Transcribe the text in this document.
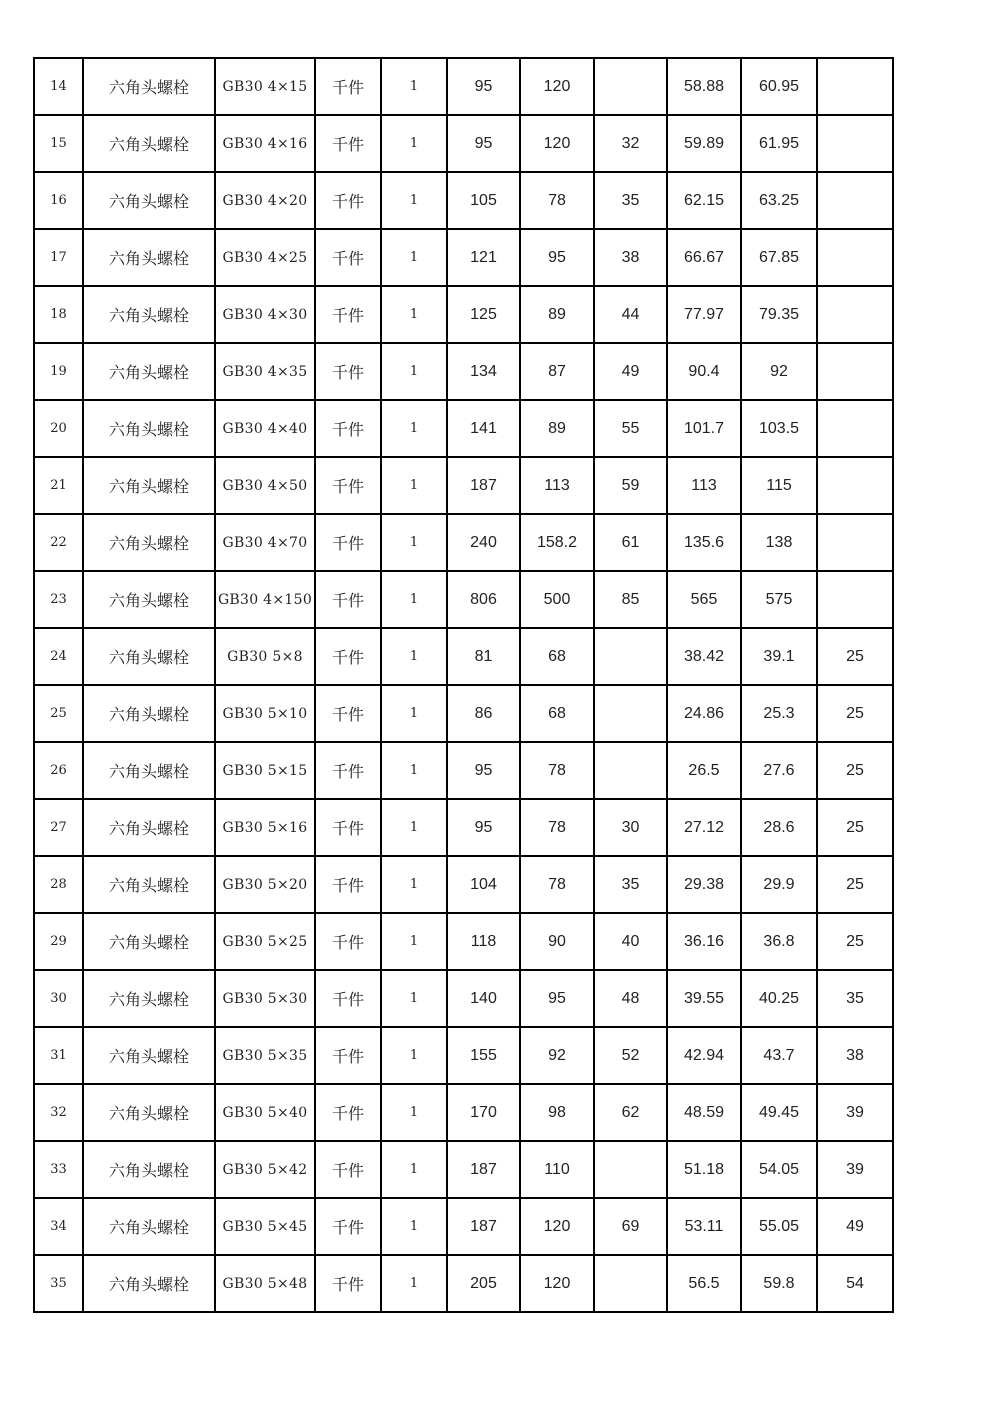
14	六角头螺栓	GB30 4×15	千件	1	95	120		58.88	60.95	
15	六角头螺栓	GB30 4×16	千件	1	95	120	32	59.89	61.95	
16	六角头螺栓	GB30 4×20	千件	1	105	78	35	62.15	63.25	
17	六角头螺栓	GB30 4×25	千件	1	121	95	38	66.67	67.85	
18	六角头螺栓	GB30 4×30	千件	1	125	89	44	77.97	79.35	
19	六角头螺栓	GB30 4×35	千件	1	134	87	49	90.4	92	
20	六角头螺栓	GB30 4×40	千件	1	141	89	55	101.7	103.5	
21	六角头螺栓	GB30 4×50	千件	1	187	113	59	113	115	
22	六角头螺栓	GB30 4×70	千件	1	240	158.2	61	135.6	138	
23	六角头螺栓	GB30 4×150	千件	1	806	500	85	565	575	
24	六角头螺栓	GB30 5×8	千件	1	81	68		38.42	39.1	25
25	六角头螺栓	GB30 5×10	千件	1	86	68		24.86	25.3	25
26	六角头螺栓	GB30 5×15	千件	1	95	78		26.5	27.6	25
27	六角头螺栓	GB30 5×16	千件	1	95	78	30	27.12	28.6	25
28	六角头螺栓	GB30 5×20	千件	1	104	78	35	29.38	29.9	25
29	六角头螺栓	GB30 5×25	千件	1	118	90	40	36.16	36.8	25
30	六角头螺栓	GB30 5×30	千件	1	140	95	48	39.55	40.25	35
31	六角头螺栓	GB30 5×35	千件	1	155	92	52	42.94	43.7	38
32	六角头螺栓	GB30 5×40	千件	1	170	98	62	48.59	49.45	39
33	六角头螺栓	GB30 5×42	千件	1	187	110		51.18	54.05	39
34	六角头螺栓	GB30 5×45	千件	1	187	120	69	53.11	55.05	49
35	六角头螺栓	GB30 5×48	千件	1	205	120		56.5	59.8	54
